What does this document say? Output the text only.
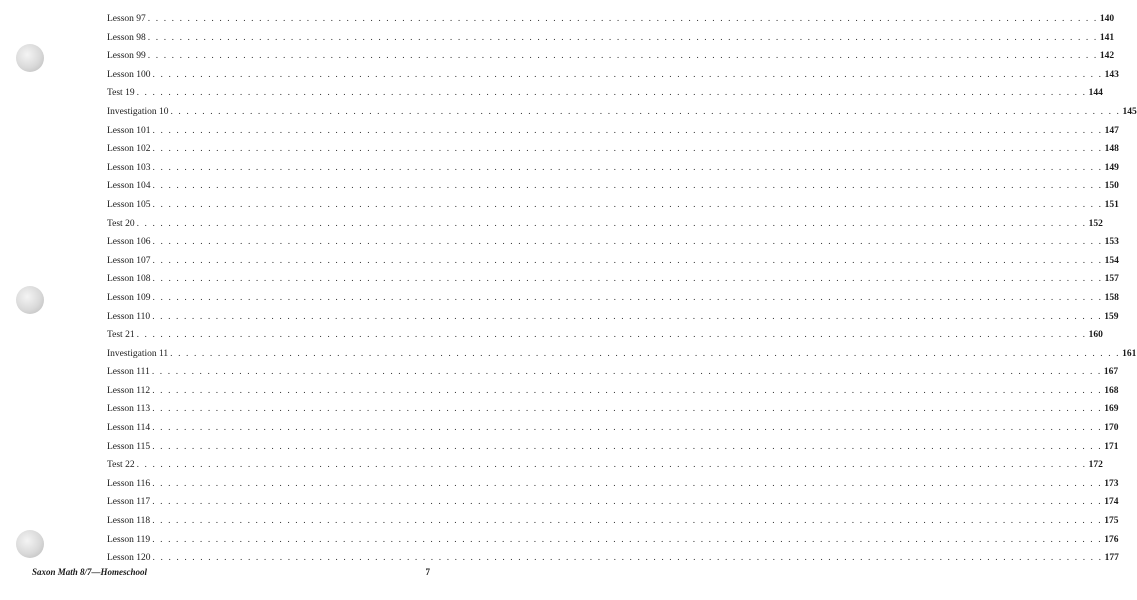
Lesson 97 . . . . . . . . . . . . . . . . . . . . . . . . . . . . . . . . . . . . . . . . . . . . . . . . . . . . . . . . . . . . . . . . . . . . . . . . . . . . . . . . . . . . . . . . . . . . . . . . . . . . . . . . . . . . . . . . . . . . . . . . 140
Lesson 98 . . . . . . . . . . . . . . . . . . . . . . . . . . . . . . . . . . . . . . . . . . . . . . . . . . . . . . . . . . . . . . . . . . . . . . . . . . . . . . . . . . . . . . . . . . . . . . . . . . . . . . . . . . . . . . . . . . . . . . . . 141
Lesson 99 . . . . . . . . . . . . . . . . . . . . . . . . . . . . . . . . . . . . . . . . . . . . . . . . . . . . . . . . . . . . . . . . . . . . . . . . . . . . . . . . . . . . . . . . . . . . . . . . . . . . . . . . . . . . . . . . . . . . . . . . 142
Lesson 100 . . . . . . . . . . . . . . . . . . . . . . . . . . . . . . . . . . . . . . . . . . . . . . . . . . . . . . . . . . . . . . . . . . . . . . . . . . . . . . . . . . . . . . . . . . . . . . . . . . . . . . . . . . . . . . . . . . . . . . . . 143
Test 19 . . . . . . . . . . . . . . . . . . . . . . . . . . . . . . . . . . . . . . . . . . . . . . . . . . . . . . . . . . . . . . . . . . . . . . . . . . . . . . . . . . . . . . . . . . . . . . . . . . . . . . . . . . . . . . . . . . . . . . . . 144
Investigation 10 . . . . . . . . . . . . . . . . . . . . . . . . . . . . . . . . . . . . . . . . . . . . . . . . . . . . . . . . . . . . . . . . . . . . . . . . . . . . . . . . . . . . . . . . . . . . . . . . . . . . . . . . . . . . . . . . . . . . . . . . 145
Lesson 101 . . . . . . . . . . . . . . . . . . . . . . . . . . . . . . . . . . . . . . . . . . . . . . . . . . . . . . . . . . . . . . . . . . . . . . . . . . . . . . . . . . . . . . . . . . . . . . . . . . . . . . . . . . . . . . . . . . . . . . . . 147
Lesson 102 . . . . . . . . . . . . . . . . . . . . . . . . . . . . . . . . . . . . . . . . . . . . . . . . . . . . . . . . . . . . . . . . . . . . . . . . . . . . . . . . . . . . . . . . . . . . . . . . . . . . . . . . . . . . . . . . . . . . . . . . 148
Lesson 103 . . . . . . . . . . . . . . . . . . . . . . . . . . . . . . . . . . . . . . . . . . . . . . . . . . . . . . . . . . . . . . . . . . . . . . . . . . . . . . . . . . . . . . . . . . . . . . . . . . . . . . . . . . . . . . . . . . . . . . . . 149
Lesson 104 . . . . . . . . . . . . . . . . . . . . . . . . . . . . . . . . . . . . . . . . . . . . . . . . . . . . . . . . . . . . . . . . . . . . . . . . . . . . . . . . . . . . . . . . . . . . . . . . . . . . . . . . . . . . . . . . . . . . . . . . 150
Lesson 105 . . . . . . . . . . . . . . . . . . . . . . . . . . . . . . . . . . . . . . . . . . . . . . . . . . . . . . . . . . . . . . . . . . . . . . . . . . . . . . . . . . . . . . . . . . . . . . . . . . . . . . . . . . . . . . . . . . . . . . . . 151
Test 20 . . . . . . . . . . . . . . . . . . . . . . . . . . . . . . . . . . . . . . . . . . . . . . . . . . . . . . . . . . . . . . . . . . . . . . . . . . . . . . . . . . . . . . . . . . . . . . . . . . . . . . . . . . . . . . . . . . . . . . . . 152
Lesson 106 . . . . . . . . . . . . . . . . . . . . . . . . . . . . . . . . . . . . . . . . . . . . . . . . . . . . . . . . . . . . . . . . . . . . . . . . . . . . . . . . . . . . . . . . . . . . . . . . . . . . . . . . . . . . . . . . . . . . . . . . 153
Lesson 107 . . . . . . . . . . . . . . . . . . . . . . . . . . . . . . . . . . . . . . . . . . . . . . . . . . . . . . . . . . . . . . . . . . . . . . . . . . . . . . . . . . . . . . . . . . . . . . . . . . . . . . . . . . . . . . . . . . . . . . . . 154
Lesson 108 . . . . . . . . . . . . . . . . . . . . . . . . . . . . . . . . . . . . . . . . . . . . . . . . . . . . . . . . . . . . . . . . . . . . . . . . . . . . . . . . . . . . . . . . . . . . . . . . . . . . . . . . . . . . . . . . . . . . . . . . 157
Lesson 109 . . . . . . . . . . . . . . . . . . . . . . . . . . . . . . . . . . . . . . . . . . . . . . . . . . . . . . . . . . . . . . . . . . . . . . . . . . . . . . . . . . . . . . . . . . . . . . . . . . . . . . . . . . . . . . . . . . . . . . . . 158
Lesson 110 . . . . . . . . . . . . . . . . . . . . . . . . . . . . . . . . . . . . . . . . . . . . . . . . . . . . . . . . . . . . . . . . . . . . . . . . . . . . . . . . . . . . . . . . . . . . . . . . . . . . . . . . . . . . . . . . . . . . . . . . 159
Test 21 . . . . . . . . . . . . . . . . . . . . . . . . . . . . . . . . . . . . . . . . . . . . . . . . . . . . . . . . . . . . . . . . . . . . . . . . . . . . . . . . . . . . . . . . . . . . . . . . . . . . . . . . . . . . . . . . . . . . . . . . 160
Investigation 11 . . . . . . . . . . . . . . . . . . . . . . . . . . . . . . . . . . . . . . . . . . . . . . . . . . . . . . . . . . . . . . . . . . . . . . . . . . . . . . . . . . . . . . . . . . . . . . . . . . . . . . . . . . . . . . . . . . . . . . . . 161
Lesson 111 . . . . . . . . . . . . . . . . . . . . . . . . . . . . . . . . . . . . . . . . . . . . . . . . . . . . . . . . . . . . . . . . . . . . . . . . . . . . . . . . . . . . . . . . . . . . . . . . . . . . . . . . . . . . . . . . . . . . . . . . 167
Lesson 112 . . . . . . . . . . . . . . . . . . . . . . . . . . . . . . . . . . . . . . . . . . . . . . . . . . . . . . . . . . . . . . . . . . . . . . . . . . . . . . . . . . . . . . . . . . . . . . . . . . . . . . . . . . . . . . . . . . . . . . . . 168
Lesson 113 . . . . . . . . . . . . . . . . . . . . . . . . . . . . . . . . . . . . . . . . . . . . . . . . . . . . . . . . . . . . . . . . . . . . . . . . . . . . . . . . . . . . . . . . . . . . . . . . . . . . . . . . . . . . . . . . . . . . . . . . 169
Lesson 114 . . . . . . . . . . . . . . . . . . . . . . . . . . . . . . . . . . . . . . . . . . . . . . . . . . . . . . . . . . . . . . . . . . . . . . . . . . . . . . . . . . . . . . . . . . . . . . . . . . . . . . . . . . . . . . . . . . . . . . . . 170
Lesson 115 . . . . . . . . . . . . . . . . . . . . . . . . . . . . . . . . . . . . . . . . . . . . . . . . . . . . . . . . . . . . . . . . . . . . . . . . . . . . . . . . . . . . . . . . . . . . . . . . . . . . . . . . . . . . . . . . . . . . . . . . 171
Test 22 . . . . . . . . . . . . . . . . . . . . . . . . . . . . . . . . . . . . . . . . . . . . . . . . . . . . . . . . . . . . . . . . . . . . . . . . . . . . . . . . . . . . . . . . . . . . . . . . . . . . . . . . . . . . . . . . . . . . . . . . 172
Lesson 116 . . . . . . . . . . . . . . . . . . . . . . . . . . . . . . . . . . . . . . . . . . . . . . . . . . . . . . . . . . . . . . . . . . . . . . . . . . . . . . . . . . . . . . . . . . . . . . . . . . . . . . . . . . . . . . . . . . . . . . . . 173
Lesson 117 . . . . . . . . . . . . . . . . . . . . . . . . . . . . . . . . . . . . . . . . . . . . . . . . . . . . . . . . . . . . . . . . . . . . . . . . . . . . . . . . . . . . . . . . . . . . . . . . . . . . . . . . . . . . . . . . . . . . . . . . 174
Lesson 118 . . . . . . . . . . . . . . . . . . . . . . . . . . . . . . . . . . . . . . . . . . . . . . . . . . . . . . . . . . . . . . . . . . . . . . . . . . . . . . . . . . . . . . . . . . . . . . . . . . . . . . . . . . . . . . . . . . . . . . . . 175
Lesson 119 . . . . . . . . . . . . . . . . . . . . . . . . . . . . . . . . . . . . . . . . . . . . . . . . . . . . . . . . . . . . . . . . . . . . . . . . . . . . . . . . . . . . . . . . . . . . . . . . . . . . . . . . . . . . . . . . . . . . . . . . 176
Lesson 120 . . . . . . . . . . . . . . . . . . . . . . . . . . . . . . . . . . . . . . . . . . . . . . . . . . . . . . . . . . . . . . . . . . . . . . . . . . . . . . . . . . . . . . . . . . . . . . . . . . . . . . . . . . . . . . . . . . . . . . . . 177
Saxon Math 8/7—Homeschool	7
